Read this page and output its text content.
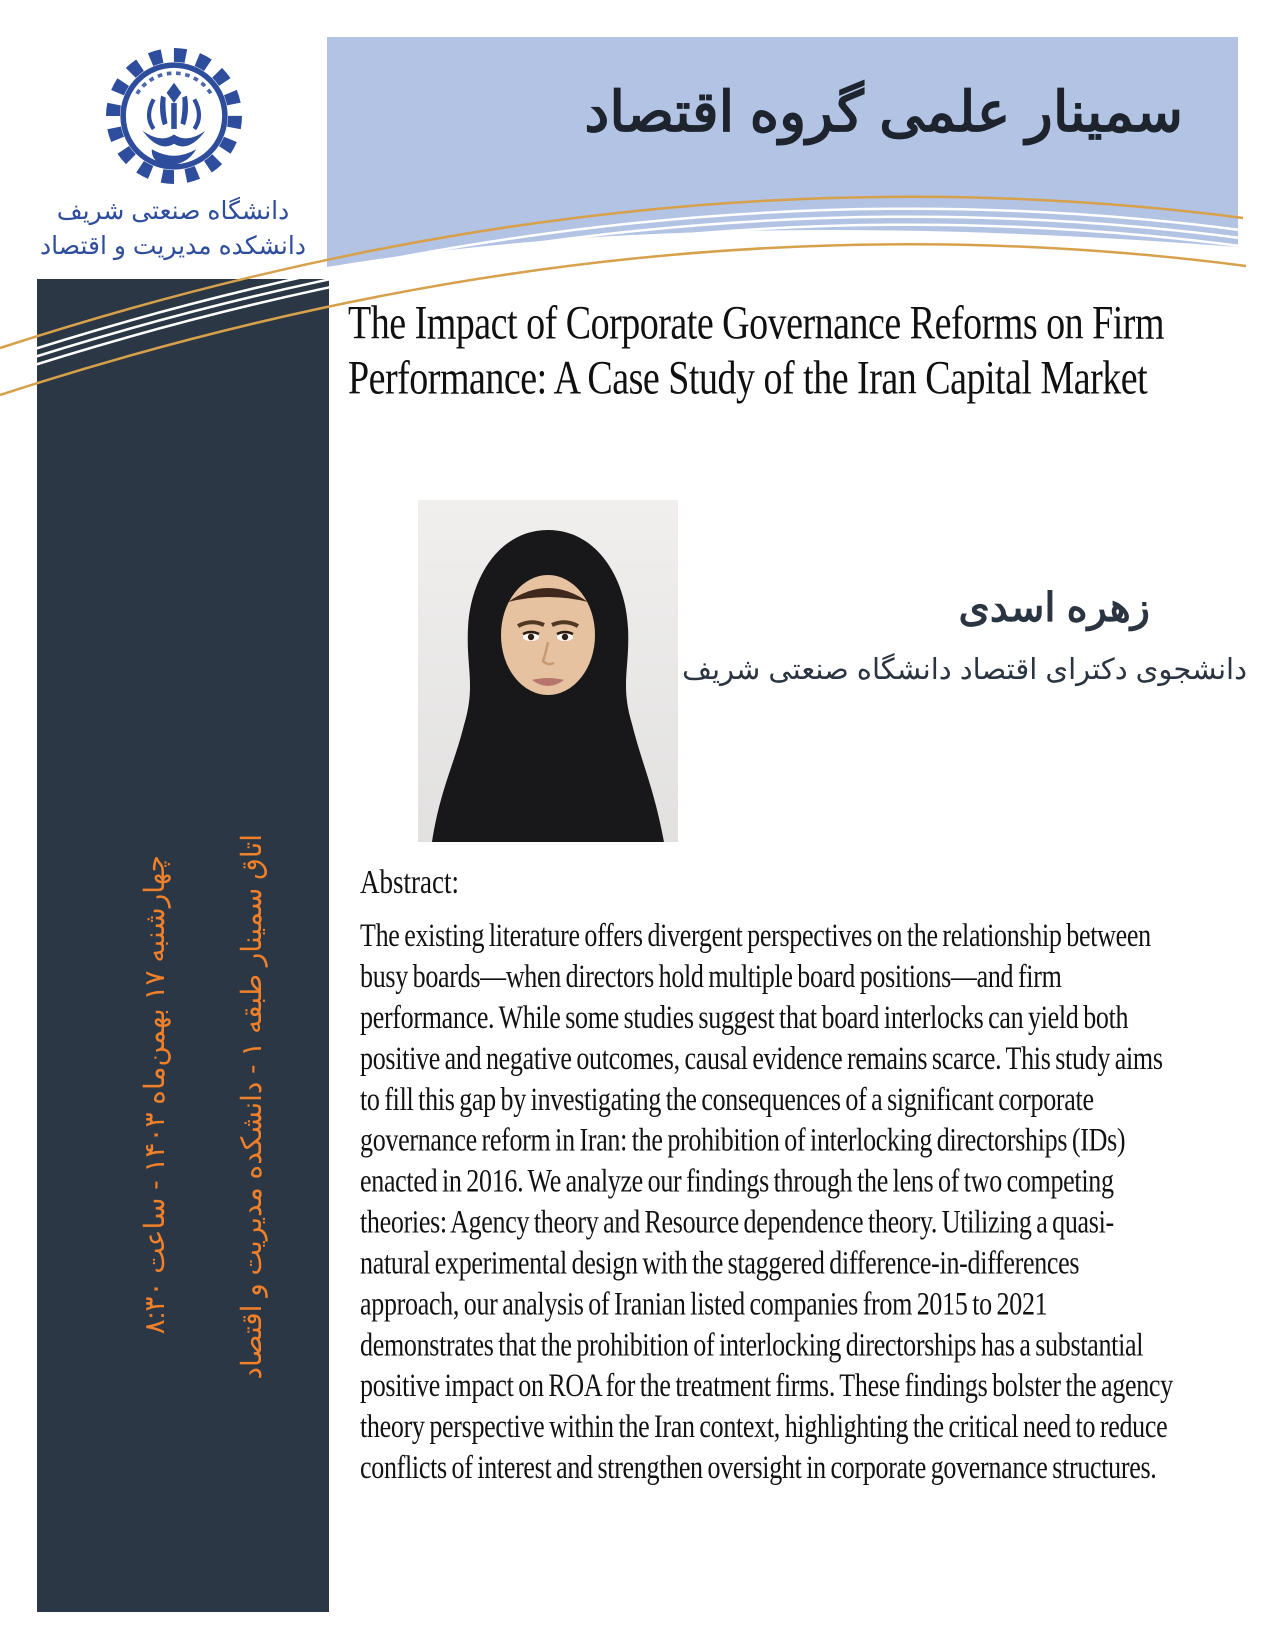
اتاق سمینار طبقه ۱ - دانشکده مدیریت و اقتصاد
چهارشنبه ۱۷ بهمن‌ماه ۱۴۰۳ - ساعت ۸:۳۰
سمینار علمی گروه اقتصاد
دانشگاه صنعتی شریف
دانشکده مدیریت و اقتصاد
The Impact of Corporate Governance Reforms on Firm Performance: A Case Study of the Iran Capital Market
زهره اسدی
دانشجوی دکترای اقتصاد دانشگاه صنعتی شریف
Abstract:
The existing literature offers divergent perspectives on the relationship between busy boards—when directors hold multiple board positions—and firm performance. While some studies suggest that board interlocks can yield both positive and negative outcomes, causal evidence remains scarce. This study aims to fill this gap by investigating the consequences of a significant corporate governance reform in Iran: the prohibition of interlocking directorships (IDs) enacted in 2016. We analyze our findings through the lens of two competing theories: Agency theory and Resource dependence theory. Utilizing a quasi-natural experimental design with the staggered difference-in-differences approach, our analysis of Iranian listed companies from 2015 to 2021 demonstrates that the prohibition of interlocking directorships has a substantial positive impact on ROA for the treatment firms. These findings bolster the agency theory perspective within the Iran context, highlighting the critical need to reduce conflicts of interest and strengthen oversight in corporate governance structures.
